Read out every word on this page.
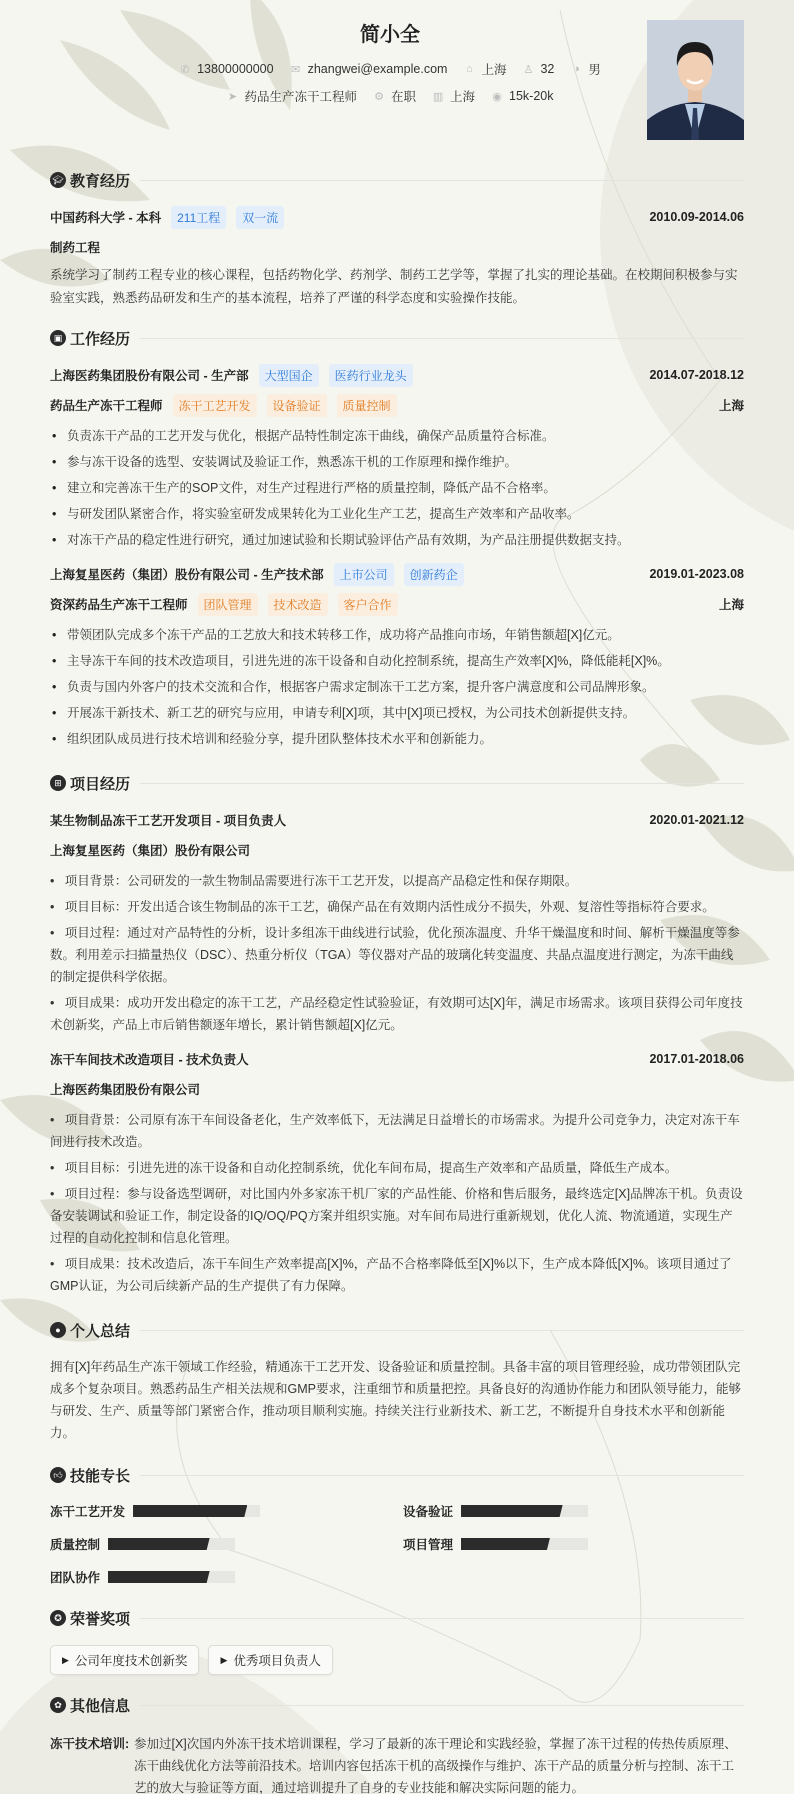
简小全
✆ 13800000000 ✉ zhangwei@example.com ⌂ 上海 ♙ 32 ◑ 男
➤ 药品生产冻干工程师 ⚙ 在职 ▥ 上海 ◉ 15k-20k
🎓︎ 教育经历
中国药科大学 - 本科	211工程	双一流	2010.09-2014.06
制药工程

系统学习了制药工程专业的核心课程，包括药物化学、药剂学、制药工艺学等，掌握了扎实的理论基础。在校期间积极参与实验室实践，熟悉药品研发和生产的基本流程，培养了严谨的科学态度和实验操作技能。

▣ 工作经历
上海医药集团股份有限公司 - 生产部	大型国企	医药行业龙头	2014.07-2018.12
药品生产冻干工程师	冻干工艺开发	设备验证	质量控制	上海
• 负责冻干产品的工艺开发与优化，根据产品特性制定冻干曲线，确保产品质量符合标准。
• 参与冻干设备的选型、安装调试及验证工作，熟悉冻干机的工作原理和操作维护。
• 建立和完善冻干生产的SOP文件，对生产过程进行严格的质量控制，降低产品不合格率。
• 与研发团队紧密合作，将实验室研发成果转化为工业化生产工艺，提高生产效率和产品收率。
• 对冻干产品的稳定性进行研究，通过加速试验和长期试验评估产品有效期，为产品注册提供数据支持。
上海复星医药（集团）股份有限公司 - 生产技术部	上市公司	创新药企	2019.01-2023.08
资深药品生产冻干工程师	团队管理	技术改造	客户合作	上海
• 带领团队完成多个冻干产品的工艺放大和技术转移工作，成功将产品推向市场，年销售额超[X]亿元。
• 主导冻干车间的技术改造项目，引进先进的冻干设备和自动化控制系统，提高生产效率[X]%，降低能耗[X]%。
• 负责与国内外客户的技术交流和合作，根据客户需求定制冻干工艺方案，提升客户满意度和公司品牌形象。
• 开展冻干新技术、新工艺的研究与应用，申请专利[X]项，其中[X]项已授权，为公司技术创新提供支持。
• 组织团队成员进行技术培训和经验分享，提升团队整体技术水平和创新能力。
⊞ 项目经历
某生物制品冻干工艺开发项目 - 项目负责人	2020.01-2021.12
上海复星医药（集团）股份有限公司
•   项目背景：公司研发的一款生物制品需要进行冻干工艺开发，以提高产品稳定性和保存期限。
•   项目目标：开发出适合该生物制品的冻干工艺，确保产品在有效期内活性成分不损失，外观、复溶性等指标符合要求。
•   项目过程：通过对产品特性的分析，设计多组冻干曲线进行试验，优化预冻温度、升华干燥温度和时间、解析干燥温度等参数。利用差示扫描量热仪（DSC）、热重分析仪（TGA）等仪器对产品的玻璃化转变温度、共晶点温度进行测定，为冻干曲线的制定提供科学依据。
•   项目成果：成功开发出稳定的冻干工艺，产品经稳定性试验验证，有效期可达[X]年，满足市场需求。该项目获得公司年度技术创新奖，产品上市后销售额逐年增长，累计销售额超[X]亿元。
冻干车间技术改造项目 - 技术负责人	2017.01-2018.06
上海医药集团股份有限公司
•   项目背景：公司原有冻干车间设备老化，生产效率低下，无法满足日益增长的市场需求。为提升公司竞争力，决定对冻干车间进行技术改造。
•   项目目标：引进先进的冻干设备和自动化控制系统，优化车间布局，提高生产效率和产品质量，降低生产成本。
•   项目过程：参与设备选型调研，对比国内外多家冻干机厂家的产品性能、价格和售后服务，最终选定[X]品牌冻干机。负责设备安装调试和验证工作，制定设备的IQ/OQ/PQ方案并组织实施。对车间布局进行重新规划，优化人流、物流通道，实现生产过程的自动化控制和信息化管理。
•   项目成果：技术改造后，冻干车间生产效率提高[X]%，产品不合格率降低至[X]%以下，生产成本降低[X]%。该项目通过了GMP认证，为公司后续新产品的生产提供了有力保障。
● 个人总结

拥有[X]年药品生产冻干领域工作经验，精通冻干工艺开发、设备验证和质量控制。具备丰富的项目管理经验，成功带领团队完成多个复杂项目。熟悉药品生产相关法规和GMP要求，注重细节和质量把控。具备良好的沟通协作能力和团队领导能力，能够与研发、生产、质量等部门紧密合作，推动项目顺利实施。持续关注行业新技术、新工艺，不断提升自身技术水平和创新能力。

👍︎ 技能专长
冻干工艺开发	设备验证
质量控制	项目管理
团队协作
✪ 荣誉奖项
▶ 公司年度技术创新奖	▶ 优秀项目负责人
✿ 其他信息
冻干技术培训: 参加过[X]次国内外冻干技术培训课程，学习了最新的冻干理论和实践经验，掌握了冻干过程的传热传质原理、冻干曲线优化方法等前沿技术。培训内容包括冻干机的高级操作与维护、冻干产品的质量分析与控制、冻干工艺的放大与验证等方面，通过培训提升了自身的专业技能和解决实际问题的能力。
